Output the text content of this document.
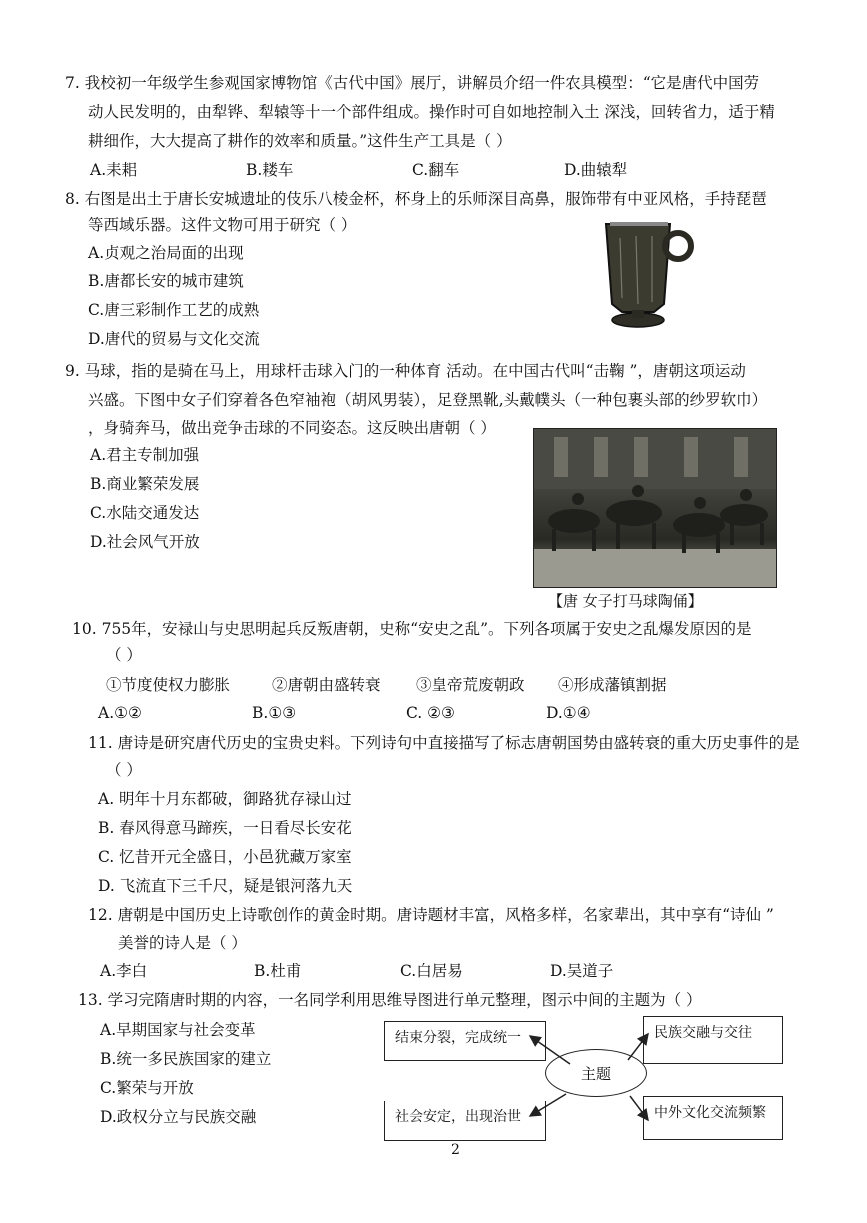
7. 我校初一年级学生参观国家博物馆《古代中国》展厅，讲解员介绍一件农具模型：“它是唐代中国劳
动人民发明的，由犁铧、犁辕等十一个部件组成。操作时可自如地控制入土 深浅，回转省力，适于精
耕细作，大大提高了耕作的效率和质量。”这件生产工具是（ ）
A.耒耜	B.耧车	C.翻车	D.曲辕犁
8. 右图是出土于唐长安城遗址的伎乐八棱金杯，杯身上的乐师深目高鼻，服饰带有中亚风格，手持琵琶
等西域乐器。这件文物可用于研究（ ）
A.贞观之治局面的出现
B.唐都长安的城市建筑
C.唐三彩制作工艺的成熟
D.唐代的贸易与文化交流
9. 马球，指的是骑在马上，用球杆击球入门的一种体育 活动。在中国古代叫“击鞠 ”，唐朝这项运动
兴盛。下图中女子们穿着各色窄袖袍（胡风男装），足登黑靴,头戴幞头（一种包裹头部的纱罗软巾）
，身骑奔马，做出竞争击球的不同姿态。这反映出唐朝（ ）
A.君主专制加强
B.商业繁荣发展
C.水陆交通发达
D.社会风气开放
【唐 女子打马球陶俑】
10. 755年，安禄山与史思明起兵反叛唐朝，史称“安史之乱”。下列各项属于安史之乱爆发原因的是
（ ）
①节度使权力膨胀	②唐朝由盛转衰 ③皇帝荒废朝政 ④形成藩镇割据
A.①②	B.①③	C. ②③	D.①④
11. 唐诗是研究唐代历史的宝贵史料。下列诗句中直接描写了标志唐朝国势由盛转衰的重大历史事件的是
（ ）
A. 明年十月东都破，御路犹存禄山过
B. 春风得意马蹄疾，一日看尽长安花
C. 忆昔开元全盛日，小邑犹藏万家室
D. 飞流直下三千尺，疑是银河落九天
12. 唐朝是中国历史上诗歌创作的黄金时期。唐诗题材丰富，风格多样，名家辈出，其中享有“诗仙 ”
美誉的诗人是（ ）
A.李白	B.杜甫	C.白居易	D.吴道子
13. 学习完隋唐时期的内容，一名同学利用思维导图进行单元整理，图示中间的主题为（ ）
A.早期国家与社会变革
B.统一多民族国家的建立
C.繁荣与开放
D.政权分立与民族交融
结束分裂，完成统一	民族交融与交往
主题
社会安定，出现治世	中外文化交流频繁
2
